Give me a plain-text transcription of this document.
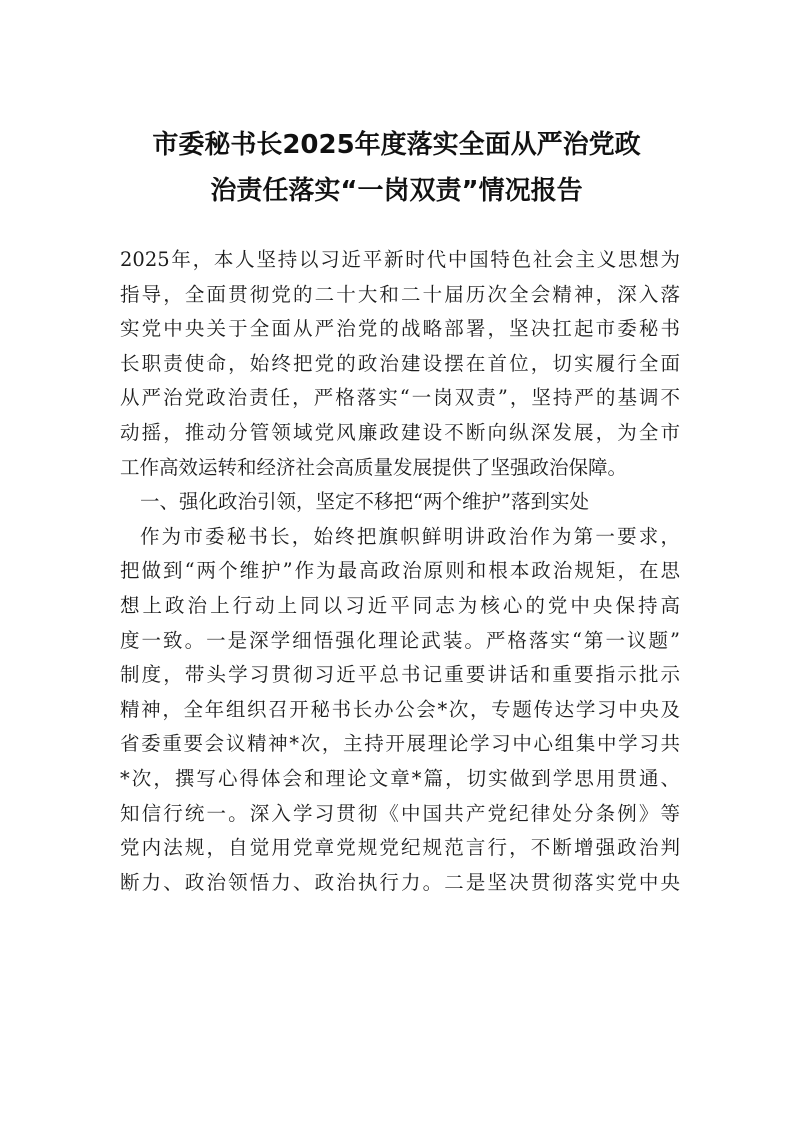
市委秘书长2025年度落实全面从严治党政
治责任落实“一岗双责”情况报告
2025年，本人坚持以习近平新时代中国特色社会主义思想为
指导，全面贯彻党的二十大和二十届历次全会精神，深入落
实党中央关于全面从严治党的战略部署，坚决扛起市委秘书
长职责使命，始终把党的政治建设摆在首位，切实履行全面
从严治党政治责任，严格落实“一岗双责”，坚持严的基调不
动摇，推动分管领域党风廉政建设不断向纵深发展，为全市
工作高效运转和经济社会高质量发展提供了坚强政治保障。
一、强化政治引领，坚定不移把“两个维护”落到实处
作为市委秘书长，始终把旗帜鲜明讲政治作为第一要求，
把做到“两个维护”作为最高政治原则和根本政治规矩，在思
想上政治上行动上同以习近平同志为核心的党中央保持高
度一致。一是深学细悟强化理论武装。严格落实“第一议题”
制度，带头学习贯彻习近平总书记重要讲话和重要指示批示
精神，全年组织召开秘书长办公会*次，专题传达学习中央及
省委重要会议精神*次，主持开展理论学习中心组集中学习共
*次，撰写心得体会和理论文章*篇，切实做到学思用贯通、
知信行统一。深入学习贯彻《中国共产党纪律处分条例》等
党内法规，自觉用党章党规党纪规范言行，不断增强政治判
断力、政治领悟力、政治执行力。二是坚决贯彻落实党中央
